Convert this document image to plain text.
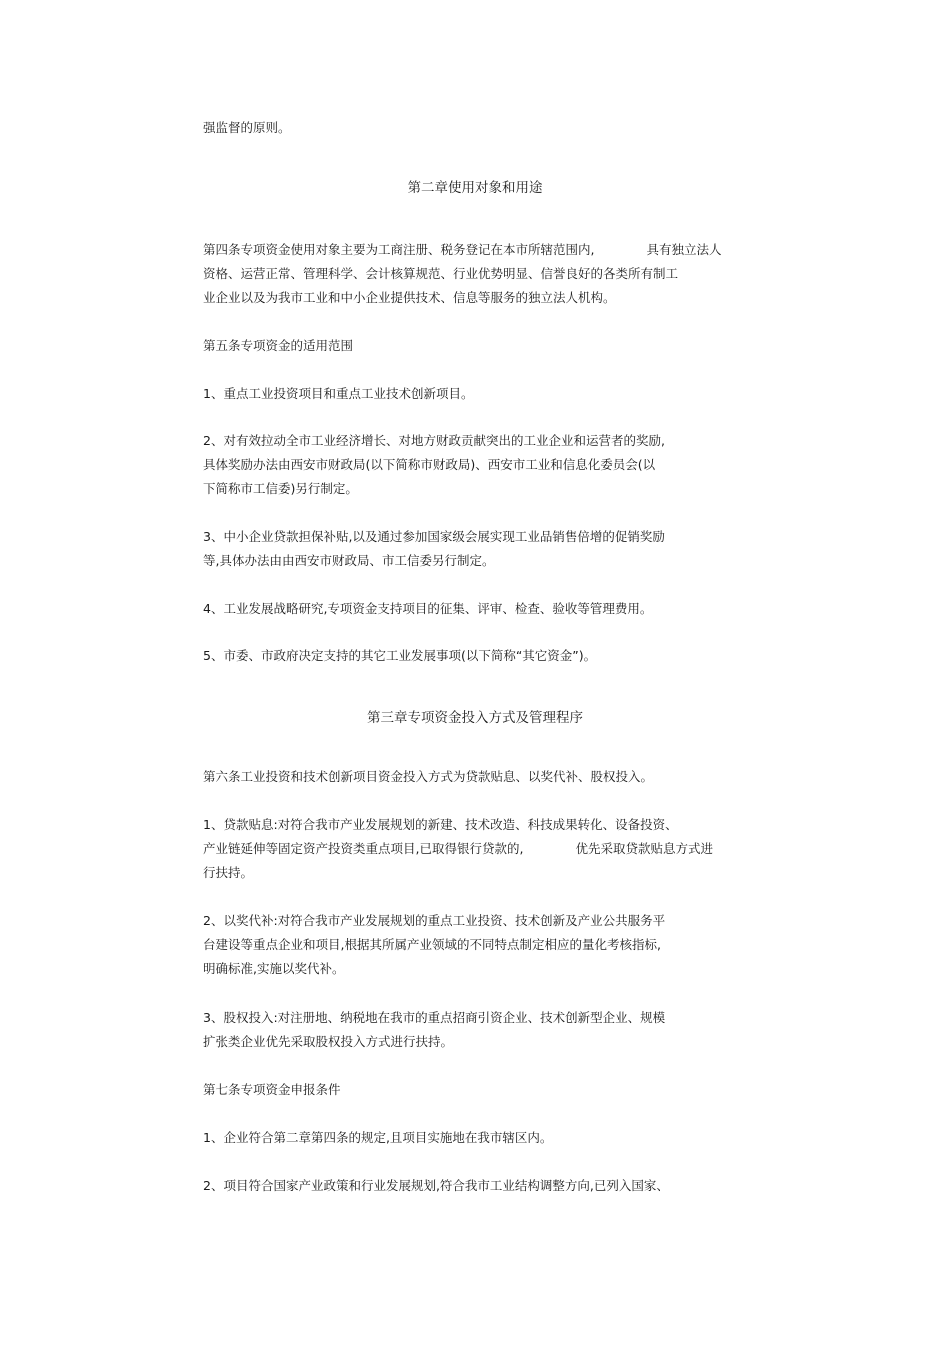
强监督的原则。

第二章使用对象和用途

第四条专项资金使用对象主要为工商注册、税务登记在本市所辖范围内,	具有独立法人

资格、运营正常、管理科学、会计核算规范、行业优势明显、信誉良好的各类所有制工

业企业以及为我市工业和中小企业提供技术、信息等服务的独立法人机构。

第五条专项资金的适用范围

1、重点工业投资项目和重点工业技术创新项目。

2、对有效拉动全市工业经济增长、对地方财政贡献突出的工业企业和运营者的奖励,

具体奖励办法由西安市财政局(以下简称市财政局)、西安市工业和信息化委员会(以

下简称市工信委)另行制定。

3、中小企业贷款担保补贴,以及通过参加国家级会展实现工业品销售倍增的促销奖励

等,具体办法由由西安市财政局、市工信委另行制定。

4、工业发展战略研究,专项资金支持项目的征集、评审、检查、验收等管理费用。

5、市委、市政府决定支持的其它工业发展事项(以下简称“其它资金”)。

第三章专项资金投入方式及管理程序

第六条工业投资和技术创新项目资金投入方式为贷款贴息、以奖代补、股权投入。

1、贷款贴息:对符合我市产业发展规划的新建、技术改造、科技成果转化、设备投资、

产业链延伸等固定资产投资类重点项目,已取得银行贷款的,	优先采取贷款贴息方式进

行扶持。

2、以奖代补:对符合我市产业发展规划的重点工业投资、技术创新及产业公共服务平

台建设等重点企业和项目,根据其所属产业领域的不同特点制定相应的量化考核指标,

明确标准,实施以奖代补。

3、股权投入:对注册地、纳税地在我市的重点招商引资企业、技术创新型企业、规模

扩张类企业优先采取股权投入方式进行扶持。

第七条专项资金申报条件

1、企业符合第二章第四条的规定,且项目实施地在我市辖区内。

2、项目符合国家产业政策和行业发展规划,符合我市工业结构调整方向,已列入国家、
